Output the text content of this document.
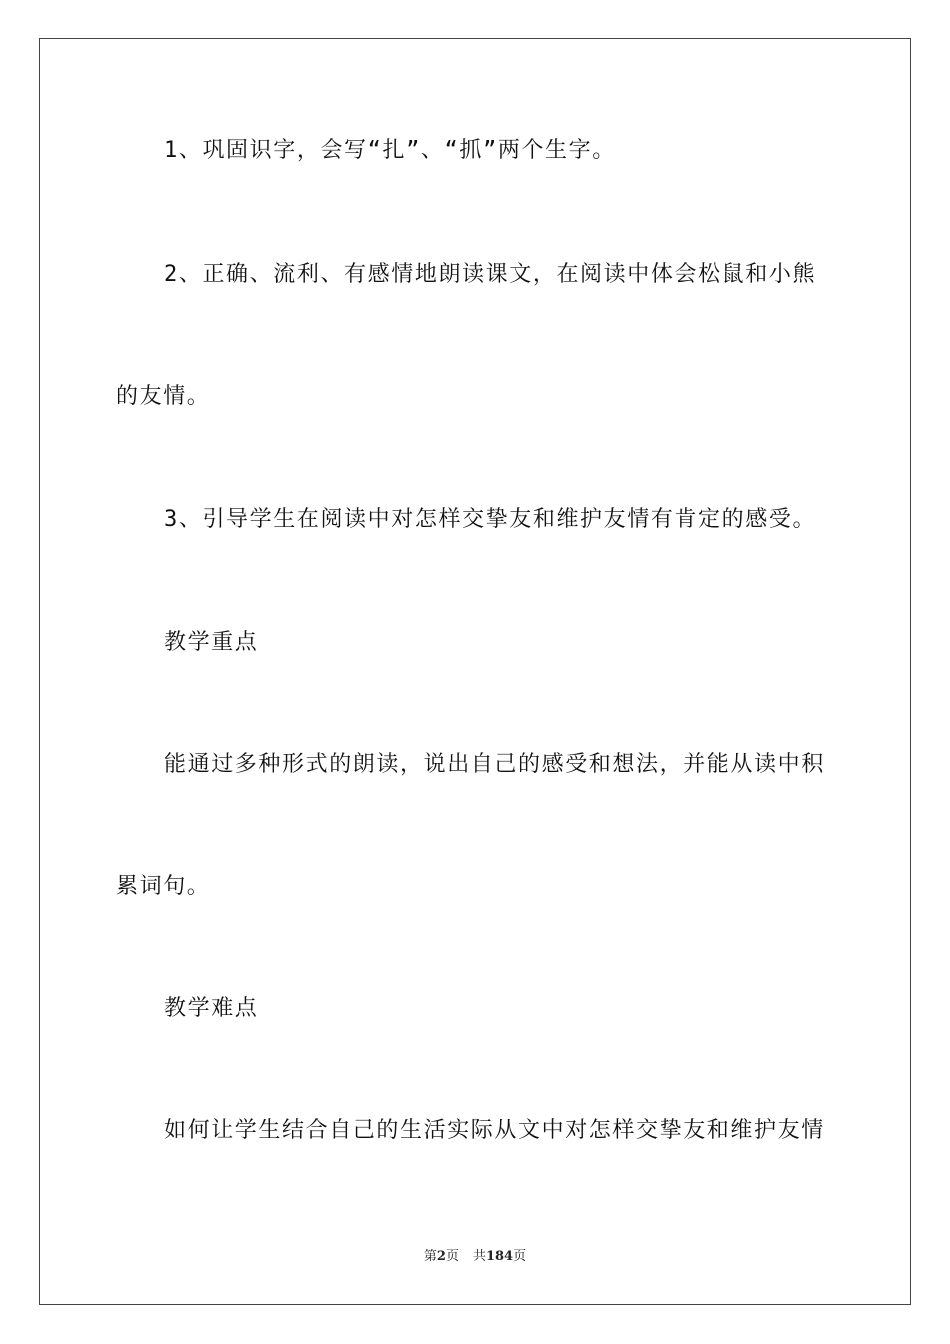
1、巩固识字，会写“扎”、“抓”两个生字。
2、正确、流利、有感情地朗读课文，在阅读中体会松鼠和小熊
的友情。
3、引导学生在阅读中对怎样交挚友和维护友情有肯定的感受。
教学重点
能通过多种形式的朗读，说出自己的感受和想法，并能从读中积
累词句。
教学难点
如何让学生结合自己的生活实际从文中对怎样交挚友和维护友情
第2页 共184页
